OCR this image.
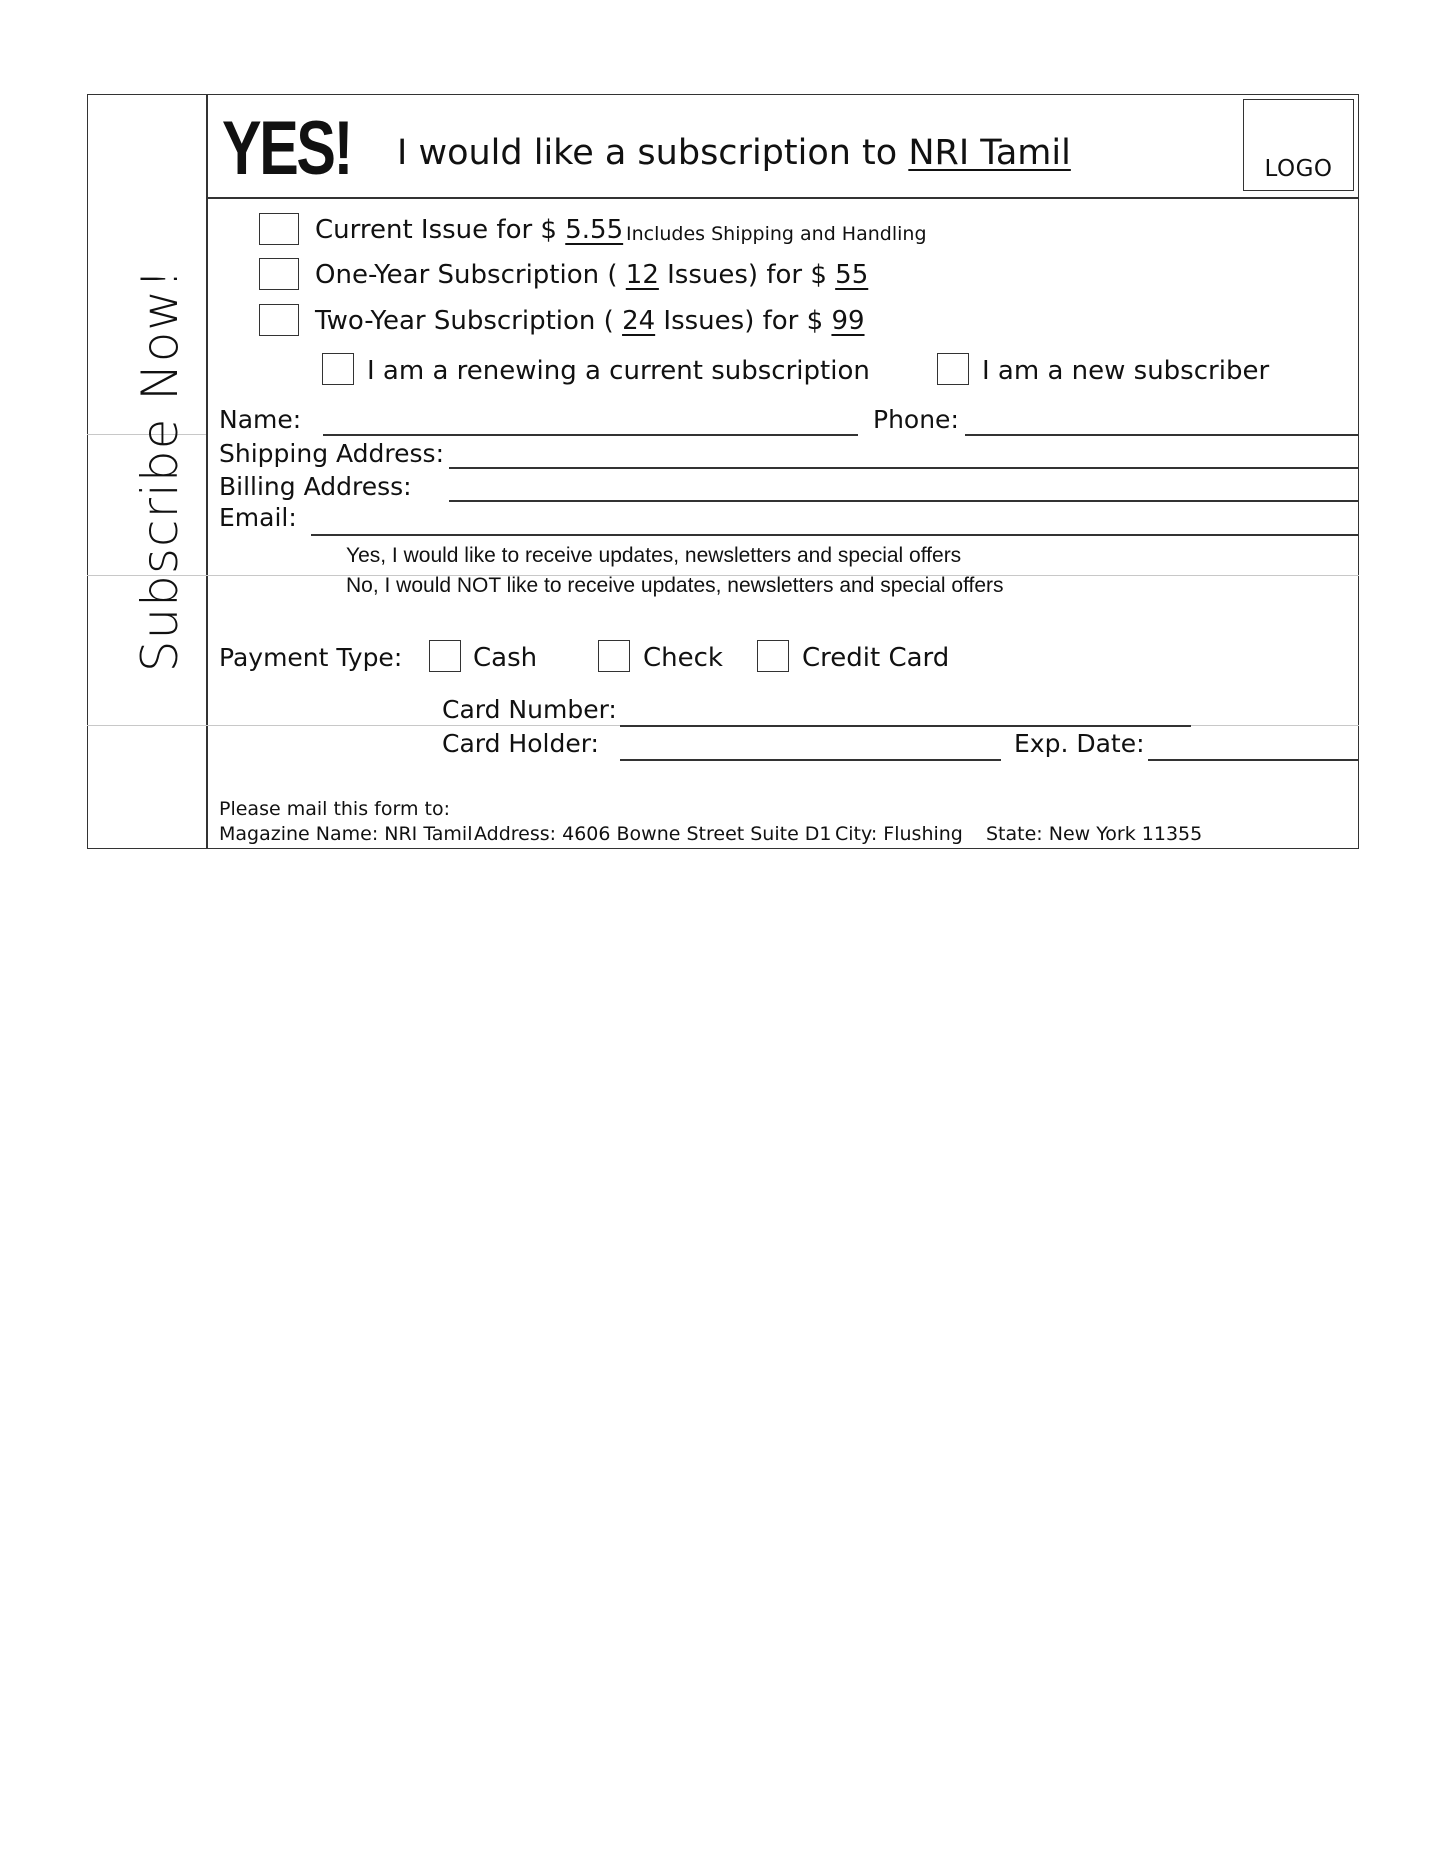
Subscribe Now!
YES! I would like a subscription to NRI Tamil	LOGO
Current Issue for $ 5.55 Includes Shipping and Handling
One-Year Subscription ( 12 Issues) for $ 55
Two-Year Subscription ( 24 Issues) for $ 99
I am a renewing a current subscription	I am a new subscriber
Name:	Phone:
Shipping Address:
Billing Address:
Email:
Yes, I would like to receive updates, newsletters and special offers
No, I would NOT like to receive updates, newsletters and special offers
Payment Type:	Cash	Check	Credit Card
Card Number:
Card Holder:	Exp. Date:
Please mail this form to:
Magazine Name: NRI Tamil Address: 4606 Bowne Street Suite D1 City: Flushing State: New York 11355
